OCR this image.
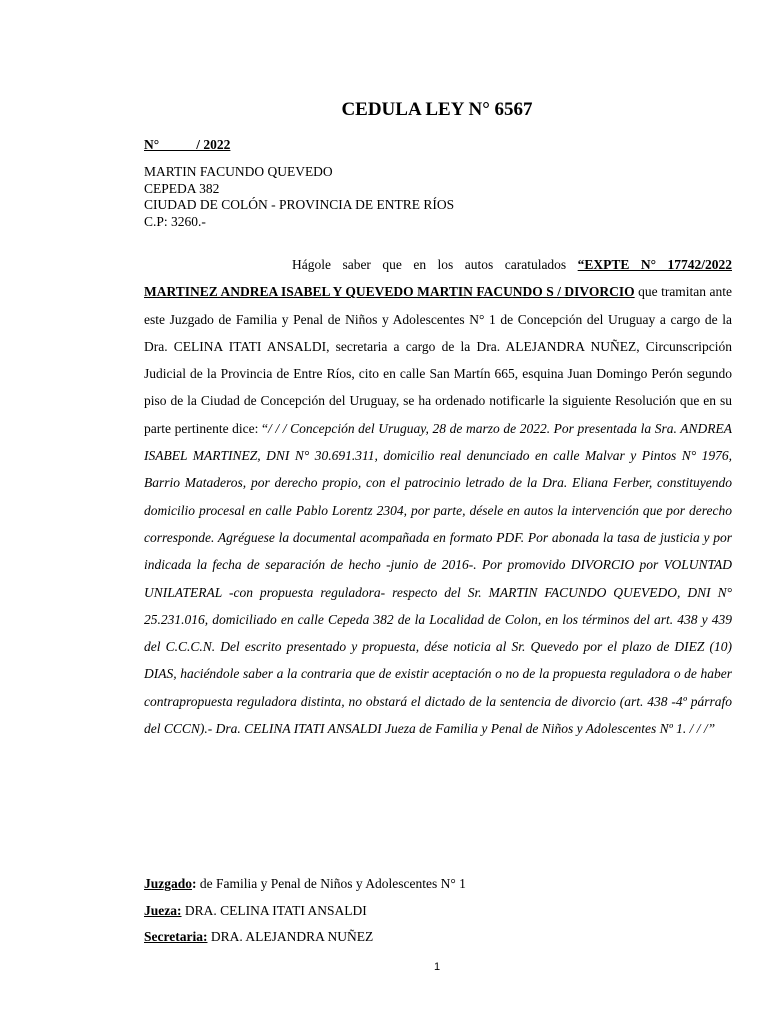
CEDULA LEY N° 6567
N°           / 2022
MARTIN FACUNDO QUEVEDO
CEPEDA 382
CIUDAD DE COLÓN - PROVINCIA DE ENTRE RÍOS
C.P: 3260.-

Hágole saber que en los autos caratulados “EXPTE N° 17742/2022 MARTINEZ ANDREA ISABEL Y QUEVEDO MARTIN FACUNDO S / DIVORCIO que tramitan ante este Juzgado de Familia y Penal de Niños y Adolescentes N° 1 de Concepción del Uruguay a cargo de la Dra. CELINA ITATI ANSALDI, secretaria a cargo de la Dra. ALEJANDRA NUÑEZ, Circunscripción Judicial de la Provincia de Entre Ríos, cito en calle San Martín 665, esquina Juan Domingo Perón segundo piso de la Ciudad de Concepción del Uruguay, se ha ordenado notificarle la siguiente Resolución que en su parte pertinente dice: “/ / / Concepción del Uruguay, 28 de marzo de 2022. Por presentada la Sra. ANDREA ISABEL MARTINEZ, DNI N° 30.691.311, domicilio real denunciado en calle Malvar y Pintos N° 1976, Barrio Mataderos, por derecho propio, con el patrocinio letrado de la Dra. Eliana Ferber, constituyendo domicilio procesal en calle Pablo Lorentz 2304, por parte, désele en autos la intervención que por derecho corresponde. Agréguese la documental acompañada en formato PDF. Por abonada la tasa de justicia y por indicada la fecha de separación de hecho -junio de 2016-. Por promovido DIVORCIO por VOLUNTAD UNILATERAL -con propuesta reguladora- respecto del Sr. MARTIN FACUNDO QUEVEDO, DNI N° 25.231.016, domiciliado en calle Cepeda 382 de la Localidad de Colon, en los términos del art. 438 y 439 del C.C.C.N. Del escrito presentado y propuesta, dése noticia al Sr. Quevedo por el plazo de DIEZ (10) DIAS, haciéndole saber a la contraria que de existir aceptación o no de la propuesta reguladora o de haber contrapropuesta reguladora distinta, no obstará el dictado de la sentencia de divorcio (art. 438 -4º párrafo del CCCN).- Dra. CELINA ITATI ANSALDI Jueza de Familia y Penal de Niños y Adolescentes Nº 1. / / /”

Juzgado: de Familia y Penal de Niños y Adolescentes N° 1
Jueza: DRA. CELINA ITATI ANSALDI
Secretaria: DRA. ALEJANDRA NUÑEZ
1
